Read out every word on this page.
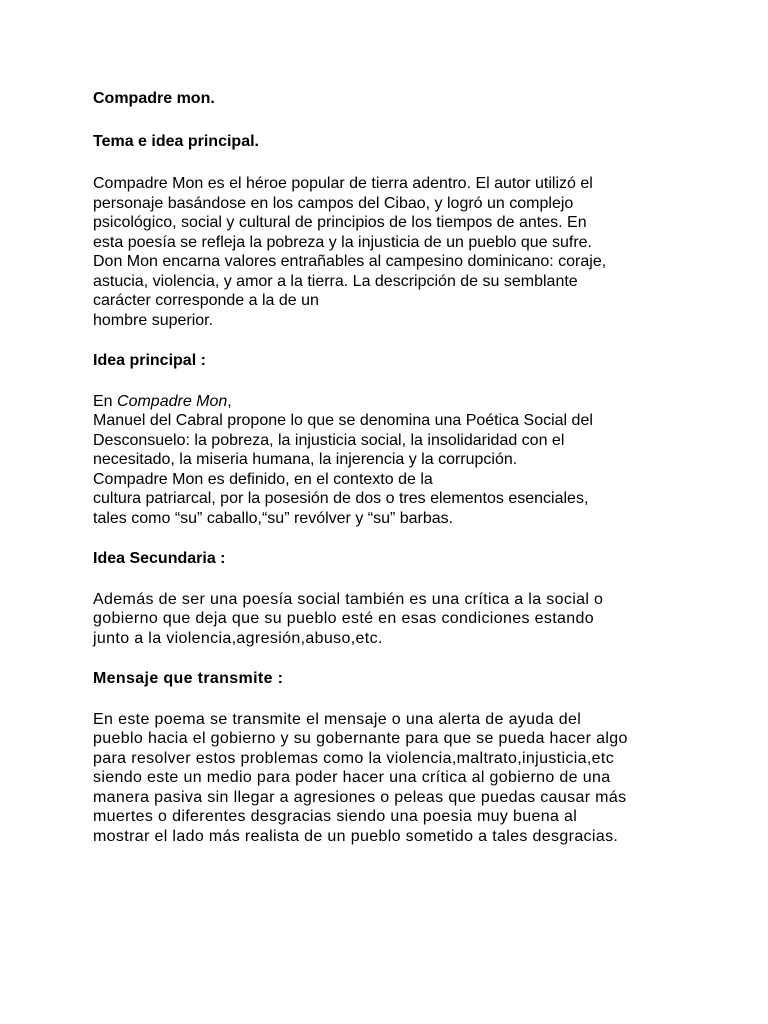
Compadre mon.

Tema e idea principal.

Compadre Mon es el héroe popular de tierra adentro. El autor utilizó el
personaje basándose en los campos del Cibao, y logró un complejo
psicológico, social y cultural de principios de los tiempos de antes. En
esta poesía se refleja la pobreza y la injusticia de un pueblo que sufre.
Don Mon encarna valores entrañables al campesino dominicano: coraje,
astucia, violencia, y amor a la tierra. La descripción de su semblante
carácter corresponde a la de un
hombre superior.

Idea principal :

En Compadre Mon,
Manuel del Cabral propone lo que se denomina una Poética Social del
Desconsuelo: la pobreza, la injusticia social, la insolidaridad con el
necesitado, la miseria humana, la injerencia y la corrupción.
Compadre Mon es definido, en el contexto de la
cultura patriarcal, por la posesión de dos o tres elementos esenciales,
tales como “su” caballo,“su” revólver y “su” barbas.

Idea Secundaria :

Además de ser una poesía social también es una crítica a la social o
gobierno que deja que su pueblo esté en esas condiciones estando
junto a la violencia,agresión,abuso,etc.

Mensaje que transmite :

En este poema se transmite el mensaje o una alerta de ayuda del
pueblo hacia el gobierno y su gobernante para que se pueda hacer algo
para resolver estos problemas como la violencia,maltrato,injusticia,etc
siendo este un medio para poder hacer una crítica al gobierno de una
manera pasiva sin llegar a agresiones o peleas que puedas causar más
muertes o diferentes desgracias siendo una poesia muy buena al
mostrar el lado más realista de un pueblo sometido a tales desgracias.
